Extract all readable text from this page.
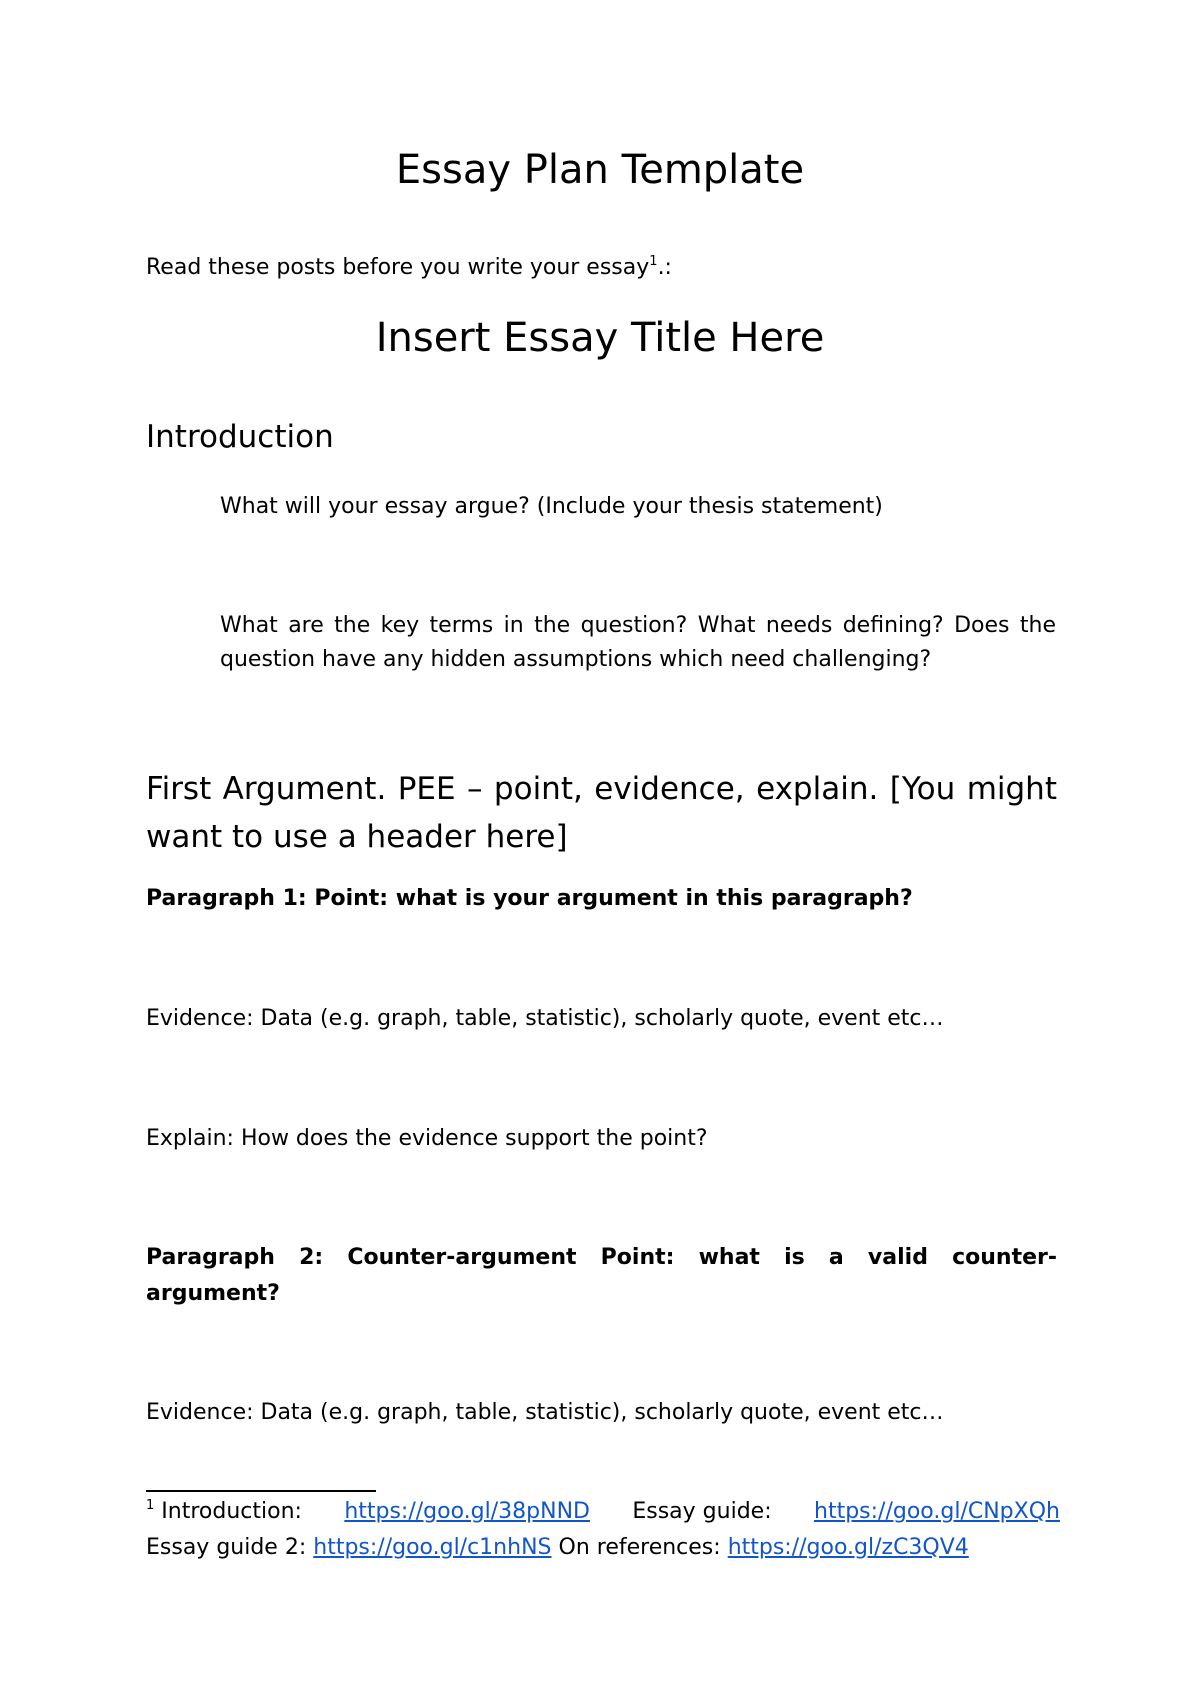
Essay Plan Template

Read these posts before you write your essay$^1$.:

Insert Essay Title Here
Introduction

What will your essay argue? (Include your thesis statement)

What are the key terms in the question? What needs defining? Does the question have any hidden assumptions which need challenging?

First Argument. PEE – point, evidence, explain. [You might want to use a header here]

Paragraph 1: Point: what is your argument in this paragraph?

Evidence: Data (e.g. graph, table, statistic), scholarly quote, event etc…

Explain: How does the evidence support the point?

Paragraph 2: Counter-argument Point: what is a valid counter-argument?

Evidence: Data (e.g. graph, table, statistic), scholarly quote, event etc…

$^1$ Introduction: https://goo.gl/38pNND Essay guide: https://goo.gl/CNpXQh
Essay guide 2: https://goo.gl/c1nhNS On references: https://goo.gl/zC3QV4
